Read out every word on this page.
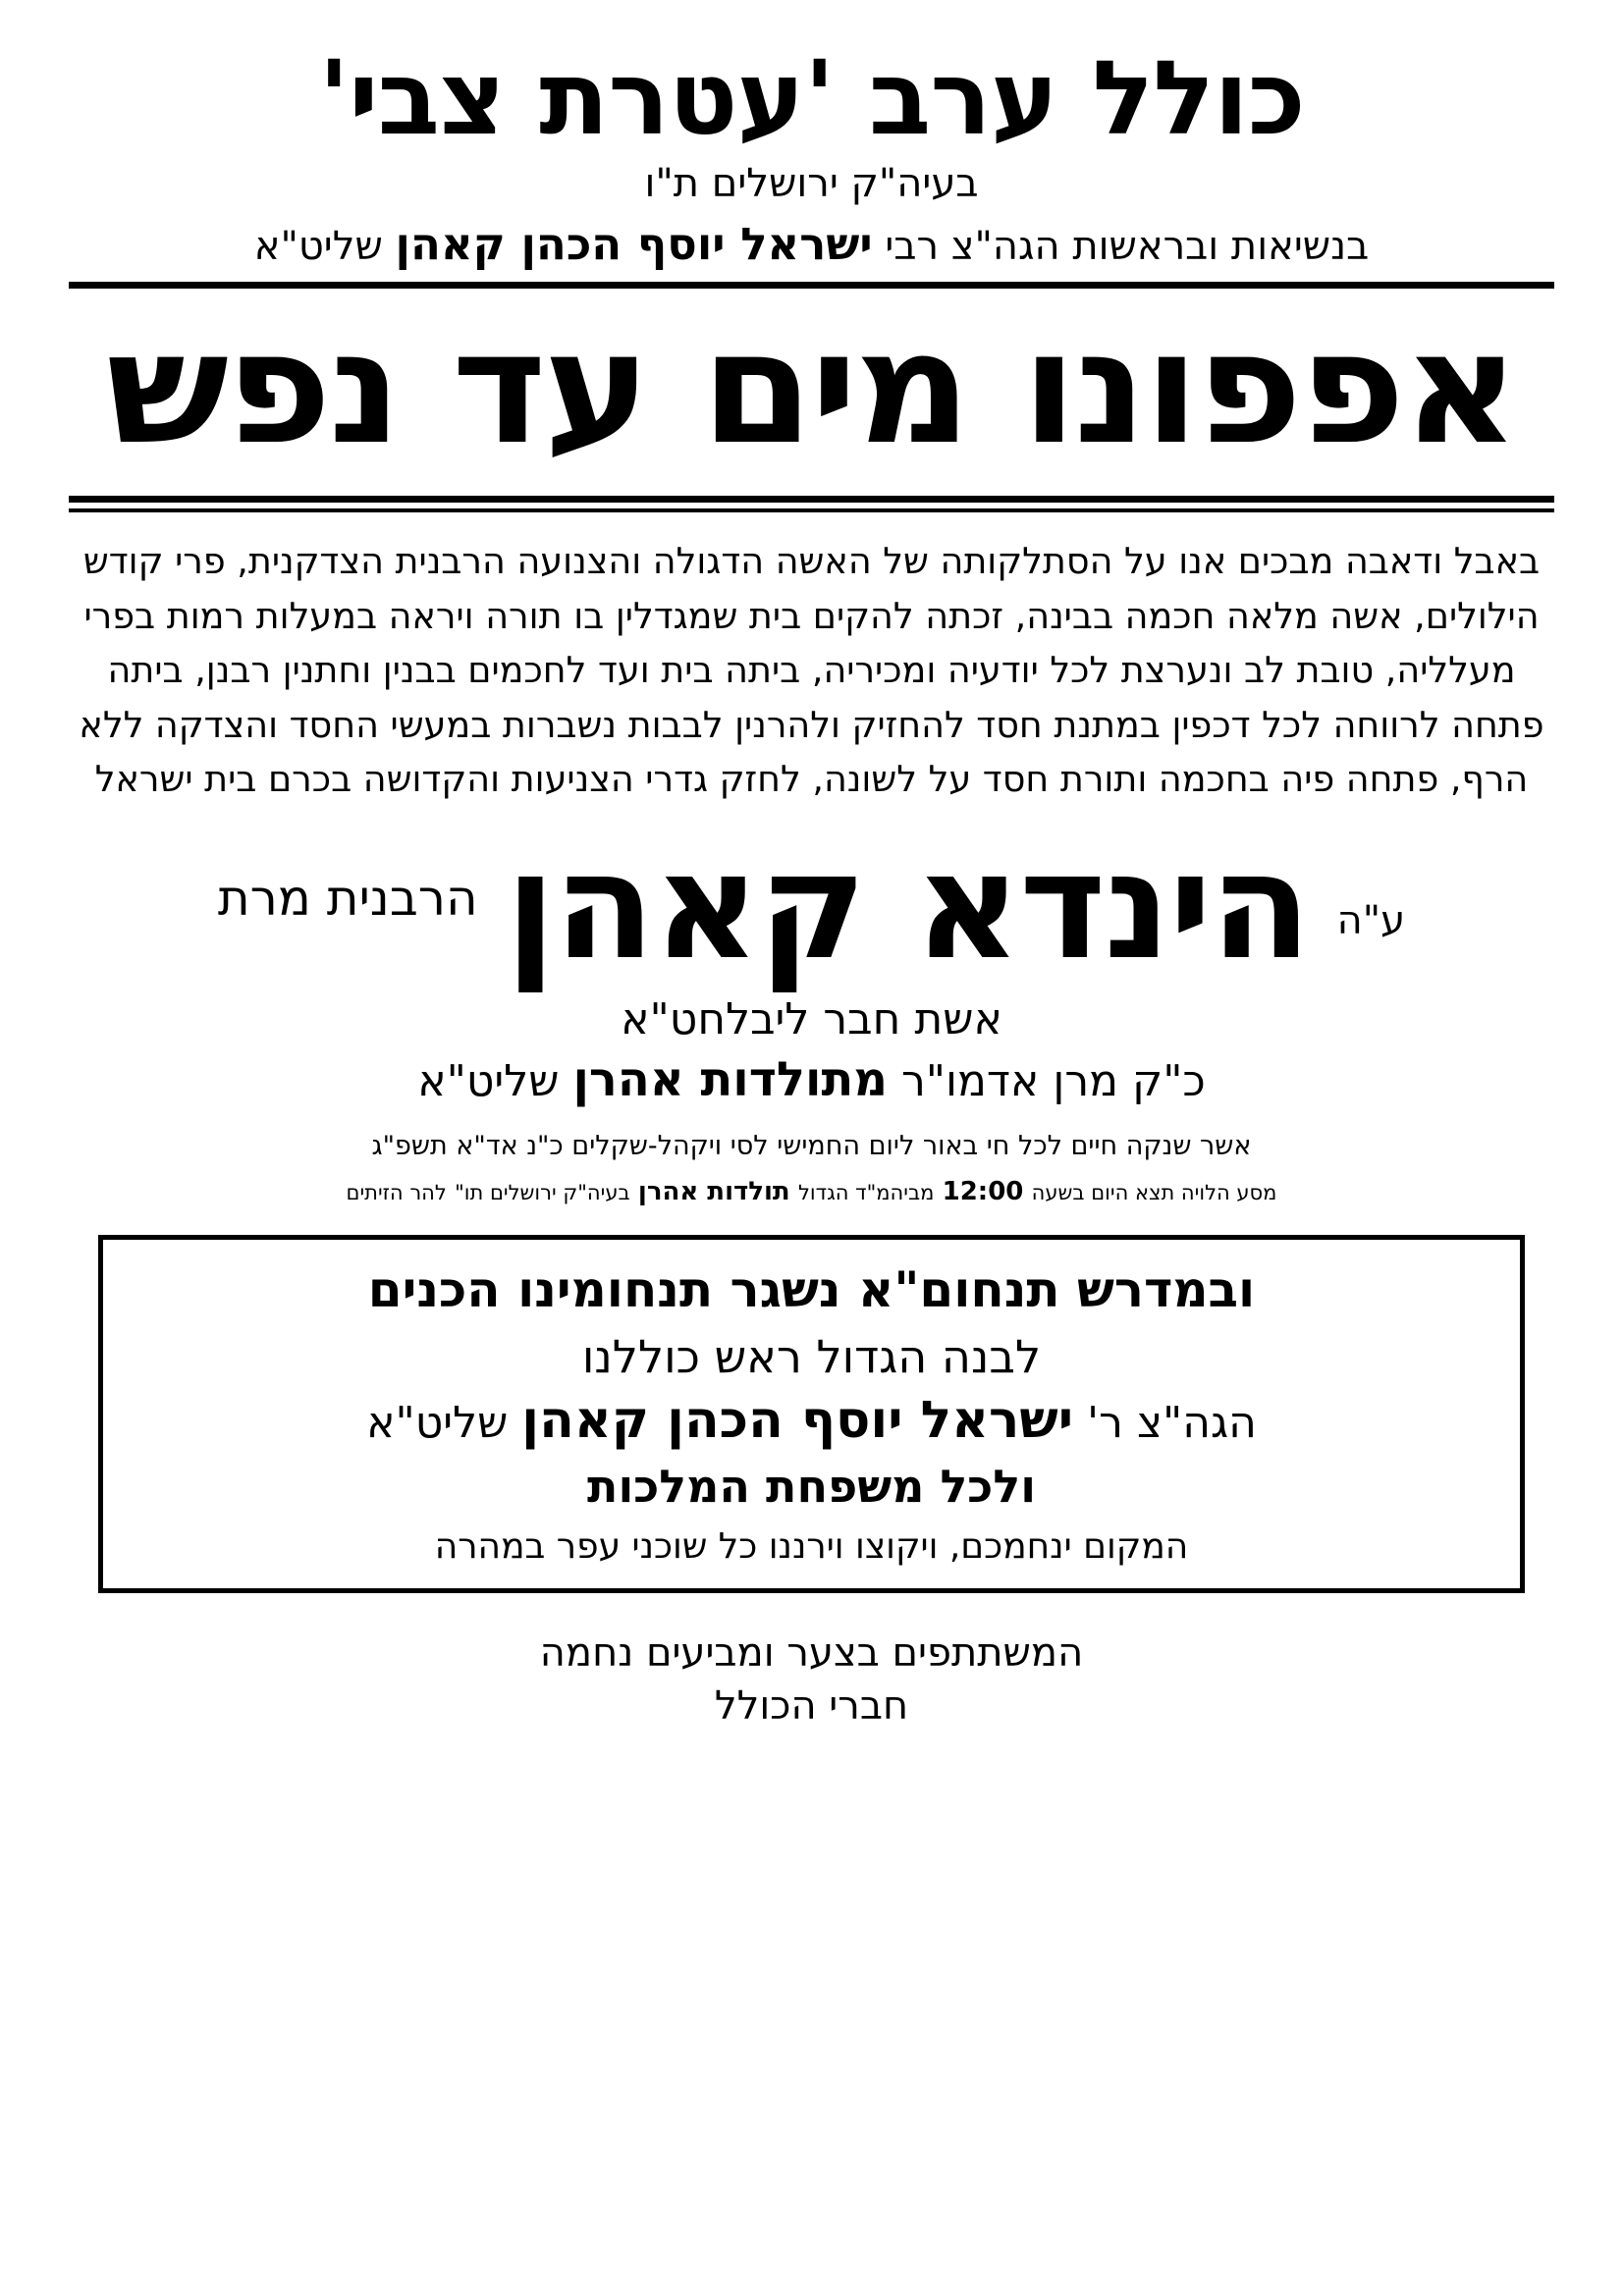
כולל ערב 'עטרת צבי'
בעיה"ק ירושלים ת"ו
בנשיאות ובראשות הגה"צ רבי ישראל יוסף הכהן קאהן שליט"א
אפפונו מים עד נפש
באבל ודאבה מבכים אנו על הסתלקותה של האשה הדגולה והצנועה הרבנית הצדקנית, פרי קודש הילולים, אשה מלאה חכמה בבינה, זכתה להקים בית שמגדלין בו תורה ויראה במעלות רמות בפרי מעלליה, טובת לב ונערצת לכל יודעיה ומכיריה, ביתה בית ועד לחכמים בבנין וחתנין רבנן, ביתה פתחה לרווחה לכל דכפין במתנת חסד להחזיק ולהרנין לבבות נשברות במעשי החסד והצדקה ללא הרף, פתחה פיה בחכמה ותורת חסד על לשונה, לחזק גדרי הצניעות והקדושה בכרם בית ישראל
ע"ה
הינדא קאהן
הרבנית מרת
אשת חבר ליבלחט"א
כ"ק מרן אדמו"ר מתולדות אהרן שליט"א
אשר שנקה חיים לכל חי באור ליום החמישי לסי ויקהל-שקלים כ"נ אד"א תשפ"ג
מסע הלויה תצא היום בשעה 12:00 מביהמ"ד הגדול תולדות אהרן בעיה"ק ירושלים תו" להר הזיתים
ובמדרש תנחום"א נשגר תנחומינו הכנים
לבנה הגדול ראש כוללנו
הגה"צ ר' ישראל יוסף הכהן קאהן שליט"א
ולכל משפחת המלכות
המקום ינחמכם, ויקוצו וירננו כל שוכני עפר במהרה
המשתתפים בצער ומביעים נחמה
חברי הכולל
